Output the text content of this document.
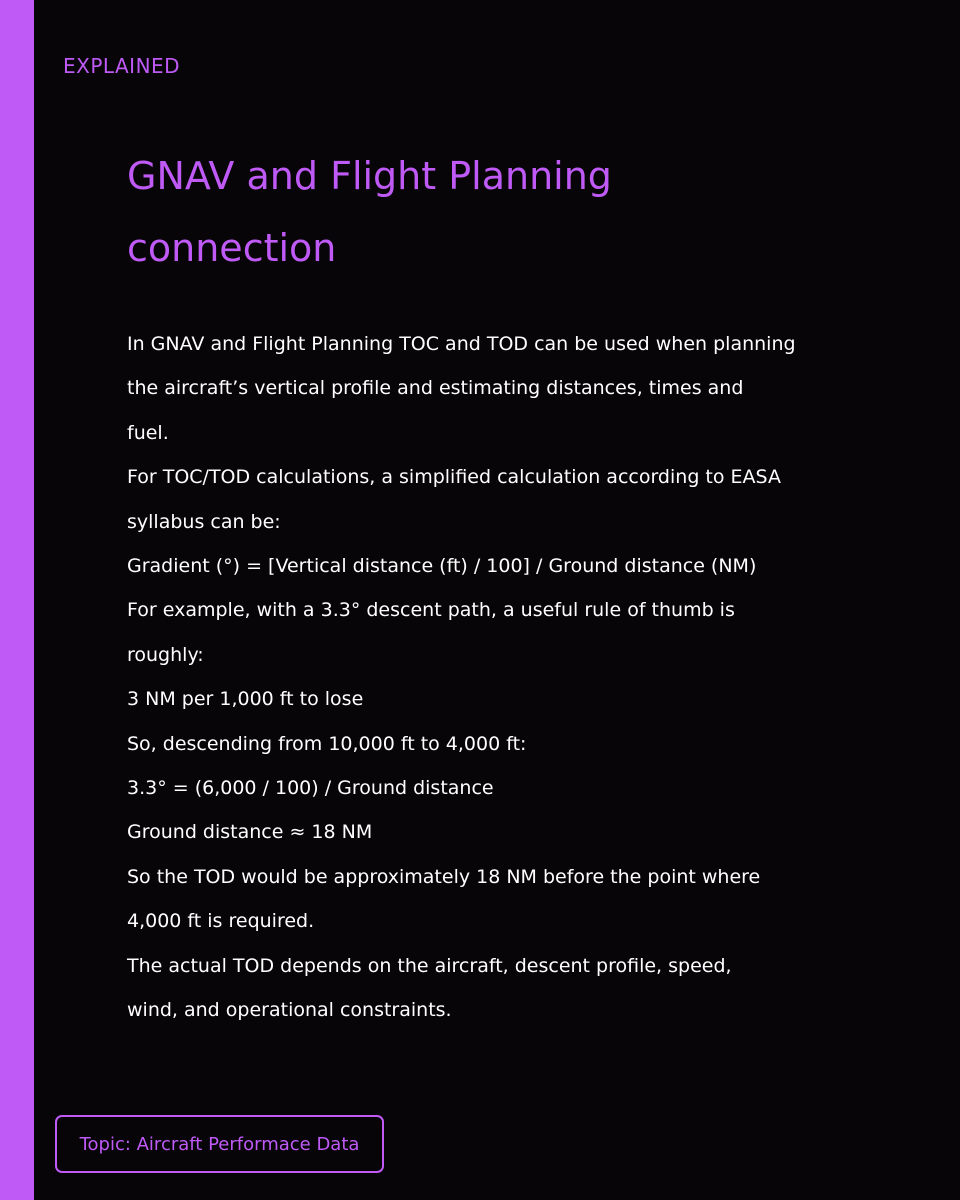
EXPLAINED

GNAV and Flight Planning
connection
In GNAV and Flight Planning TOC and TOD can be used when planning
the aircraft’s vertical profile and estimating distances, times and
fuel.
For TOC/TOD calculations, a simplified calculation according to EASA
syllabus can be:
Gradient (°) = [Vertical distance (ft) / 100] / Ground distance (NM)
For example, with a 3.3° descent path, a useful rule of thumb is
roughly:
3 NM per 1,000 ft to lose
So, descending from 10,000 ft to 4,000 ft:
3.3° = (6,000 / 100) / Ground distance
Ground distance ≈ 18 NM
So the TOD would be approximately 18 NM before the point where
4,000 ft is required.
The actual TOD depends on the aircraft, descent profile, speed,
wind, and operational constraints.
Topic: Aircraft Performace Data
